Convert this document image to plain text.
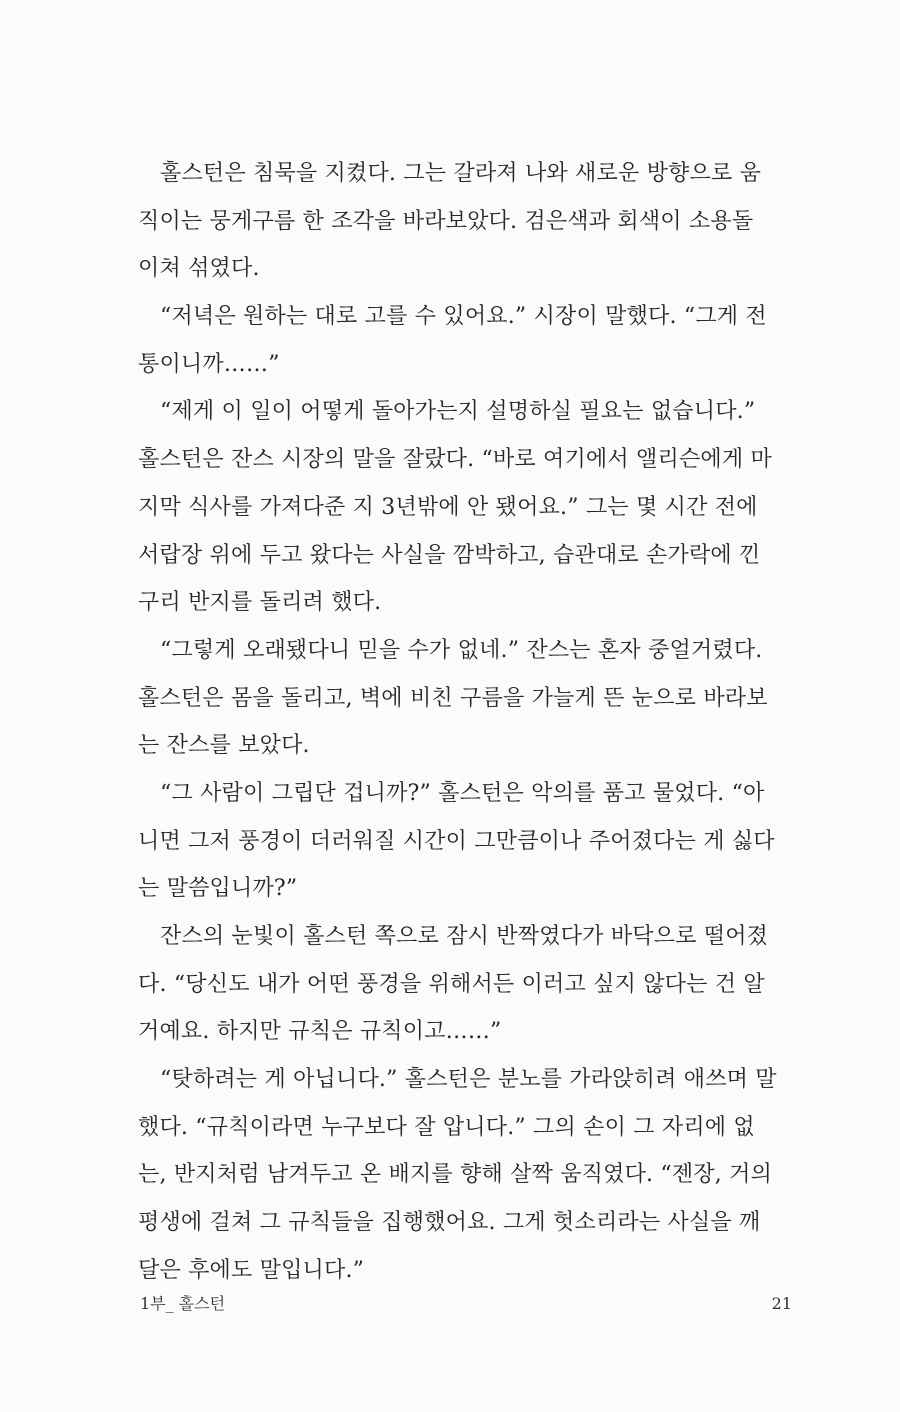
홀스턴은 침묵을 지켰다. 그는 갈라져 나와 새로운 방향으로 움
직이는 뭉게구름 한 조각을 바라보았다. 검은색과 회색이 소용돌
이쳐 섞였다.
“저녁은 원하는 대로 고를 수 있어요.” 시장이 말했다. “그게 전
통이니까……”
“제게 이 일이 어떻게 돌아가는지 설명하실 필요는 없습니다.”
홀스턴은 잔스 시장의 말을 잘랐다. “바로 여기에서 앨리슨에게 마
지막 식사를 가져다준 지 3년밖에 안 됐어요.” 그는 몇 시간 전에
서랍장 위에 두고 왔다는 사실을 깜박하고, 습관대로 손가락에 낀
구리 반지를 돌리려 했다.
“그렇게 오래됐다니 믿을 수가 없네.” 잔스는 혼자 중얼거렸다.
홀스턴은 몸을 돌리고, 벽에 비친 구름을 가늘게 뜬 눈으로 바라보
는 잔스를 보았다.
“그 사람이 그립단 겁니까?” 홀스턴은 악의를 품고 물었다. “아
니면 그저 풍경이 더러워질 시간이 그만큼이나 주어졌다는 게 싫다
는 말씀입니까?”
잔스의 눈빛이 홀스턴 쪽으로 잠시 반짝였다가 바닥으로 떨어졌
다. “당신도 내가 어떤 풍경을 위해서든 이러고 싶지 않다는 건 알
거예요. 하지만 규칙은 규칙이고……”
“탓하려는 게 아닙니다.” 홀스턴은 분노를 가라앉히려 애쓰며 말
했다. “규칙이라면 누구보다 잘 압니다.” 그의 손이 그 자리에 없
는, 반지처럼 남겨두고 온 배지를 향해 살짝 움직였다. “젠장, 거의
평생에 걸쳐 그 규칙들을 집행했어요. 그게 헛소리라는 사실을 깨
달은 후에도 말입니다.”
1부_ 홀스턴	21
